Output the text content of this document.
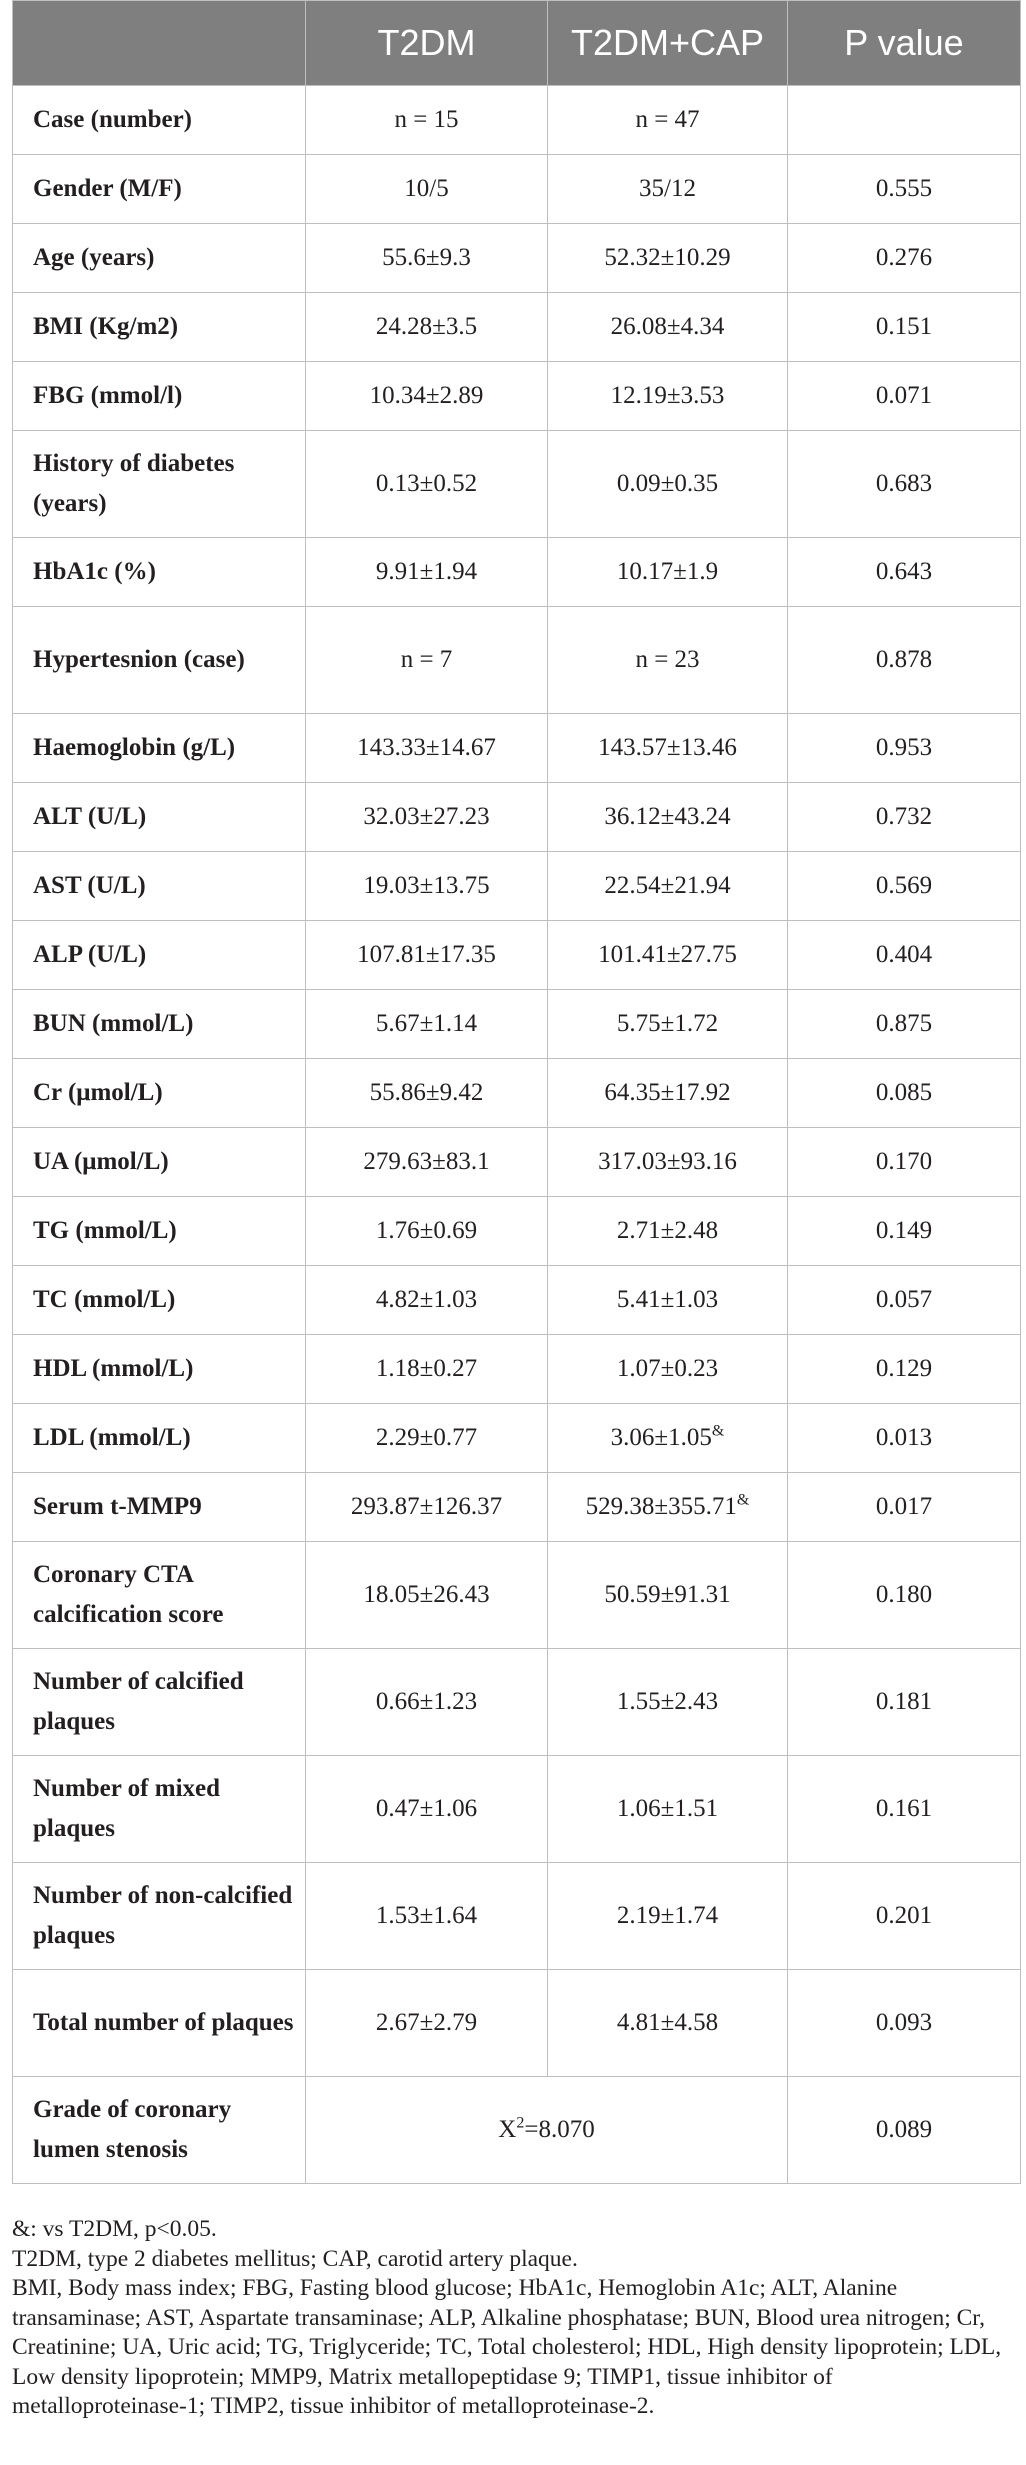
	T2DM	T2DM+CAP	P value
Case (number)	n = 15	n = 47	
Gender (M/F)	10/5	35/12	0.555
Age (years)	55.6±9.3	52.32±10.29	0.276
BMI (Kg/m2)	24.28±3.5	26.08±4.34	0.151
FBG (mmol/l)	10.34±2.89	12.19±3.53	0.071
History of diabetes (years)	0.13±0.52	0.09±0.35	0.683
HbA1c (%)	9.91±1.94	10.17±1.9	0.643
Hypertesnion (case)	n = 7	n = 23	0.878
Haemoglobin (g/L)	143.33±14.67	143.57±13.46	0.953
ALT (U/L)	32.03±27.23	36.12±43.24	0.732
AST (U/L)	19.03±13.75	22.54±21.94	0.569
ALP (U/L)	107.81±17.35	101.41±27.75	0.404
BUN (mmol/L)	5.67±1.14	5.75±1.72	0.875
Cr (μmol/L)	55.86±9.42	64.35±17.92	0.085
UA (μmol/L)	279.63±83.1	317.03±93.16	0.170
TG (mmol/L)	1.76±0.69	2.71±2.48	0.149
TC (mmol/L)	4.82±1.03	5.41±1.03	0.057
HDL (mmol/L)	1.18±0.27	1.07±0.23	0.129
LDL (mmol/L)	2.29±0.77	3.06±1.05&	0.013
Serum t-MMP9	293.87±126.37	529.38±355.71&	0.017
Coronary CTA calcification score	18.05±26.43	50.59±91.31	0.180
Number of calcified plaques	0.66±1.23	1.55±2.43	0.181
Number of mixed plaques	0.47±1.06	1.06±1.51	0.161
Number of non-calcified plaques	1.53±1.64	2.19±1.74	0.201
Total number of plaques	2.67±2.79	4.81±4.58	0.093
Grade of coronary lumen stenosis	$X^2=8.070$		0.089

&: vs T2DM, p<0.05.

T2DM, type 2 diabetes mellitus; CAP, carotid artery plaque.

BMI, Body mass index; FBG, Fasting blood glucose; HbA1c, Hemoglobin A1c; ALT, Alanine transaminase; AST, Aspartate transaminase; ALP, Alkaline phosphatase; BUN, Blood urea nitrogen; Cr, Creatinine; UA, Uric acid; TG, Triglyceride; TC, Total cholesterol; HDL, High density lipoprotein; LDL, Low density lipoprotein; MMP9, Matrix metallopeptidase 9; TIMP1, tissue inhibitor of metalloproteinase-1; TIMP2, tissue inhibitor of metalloproteinase-2.
